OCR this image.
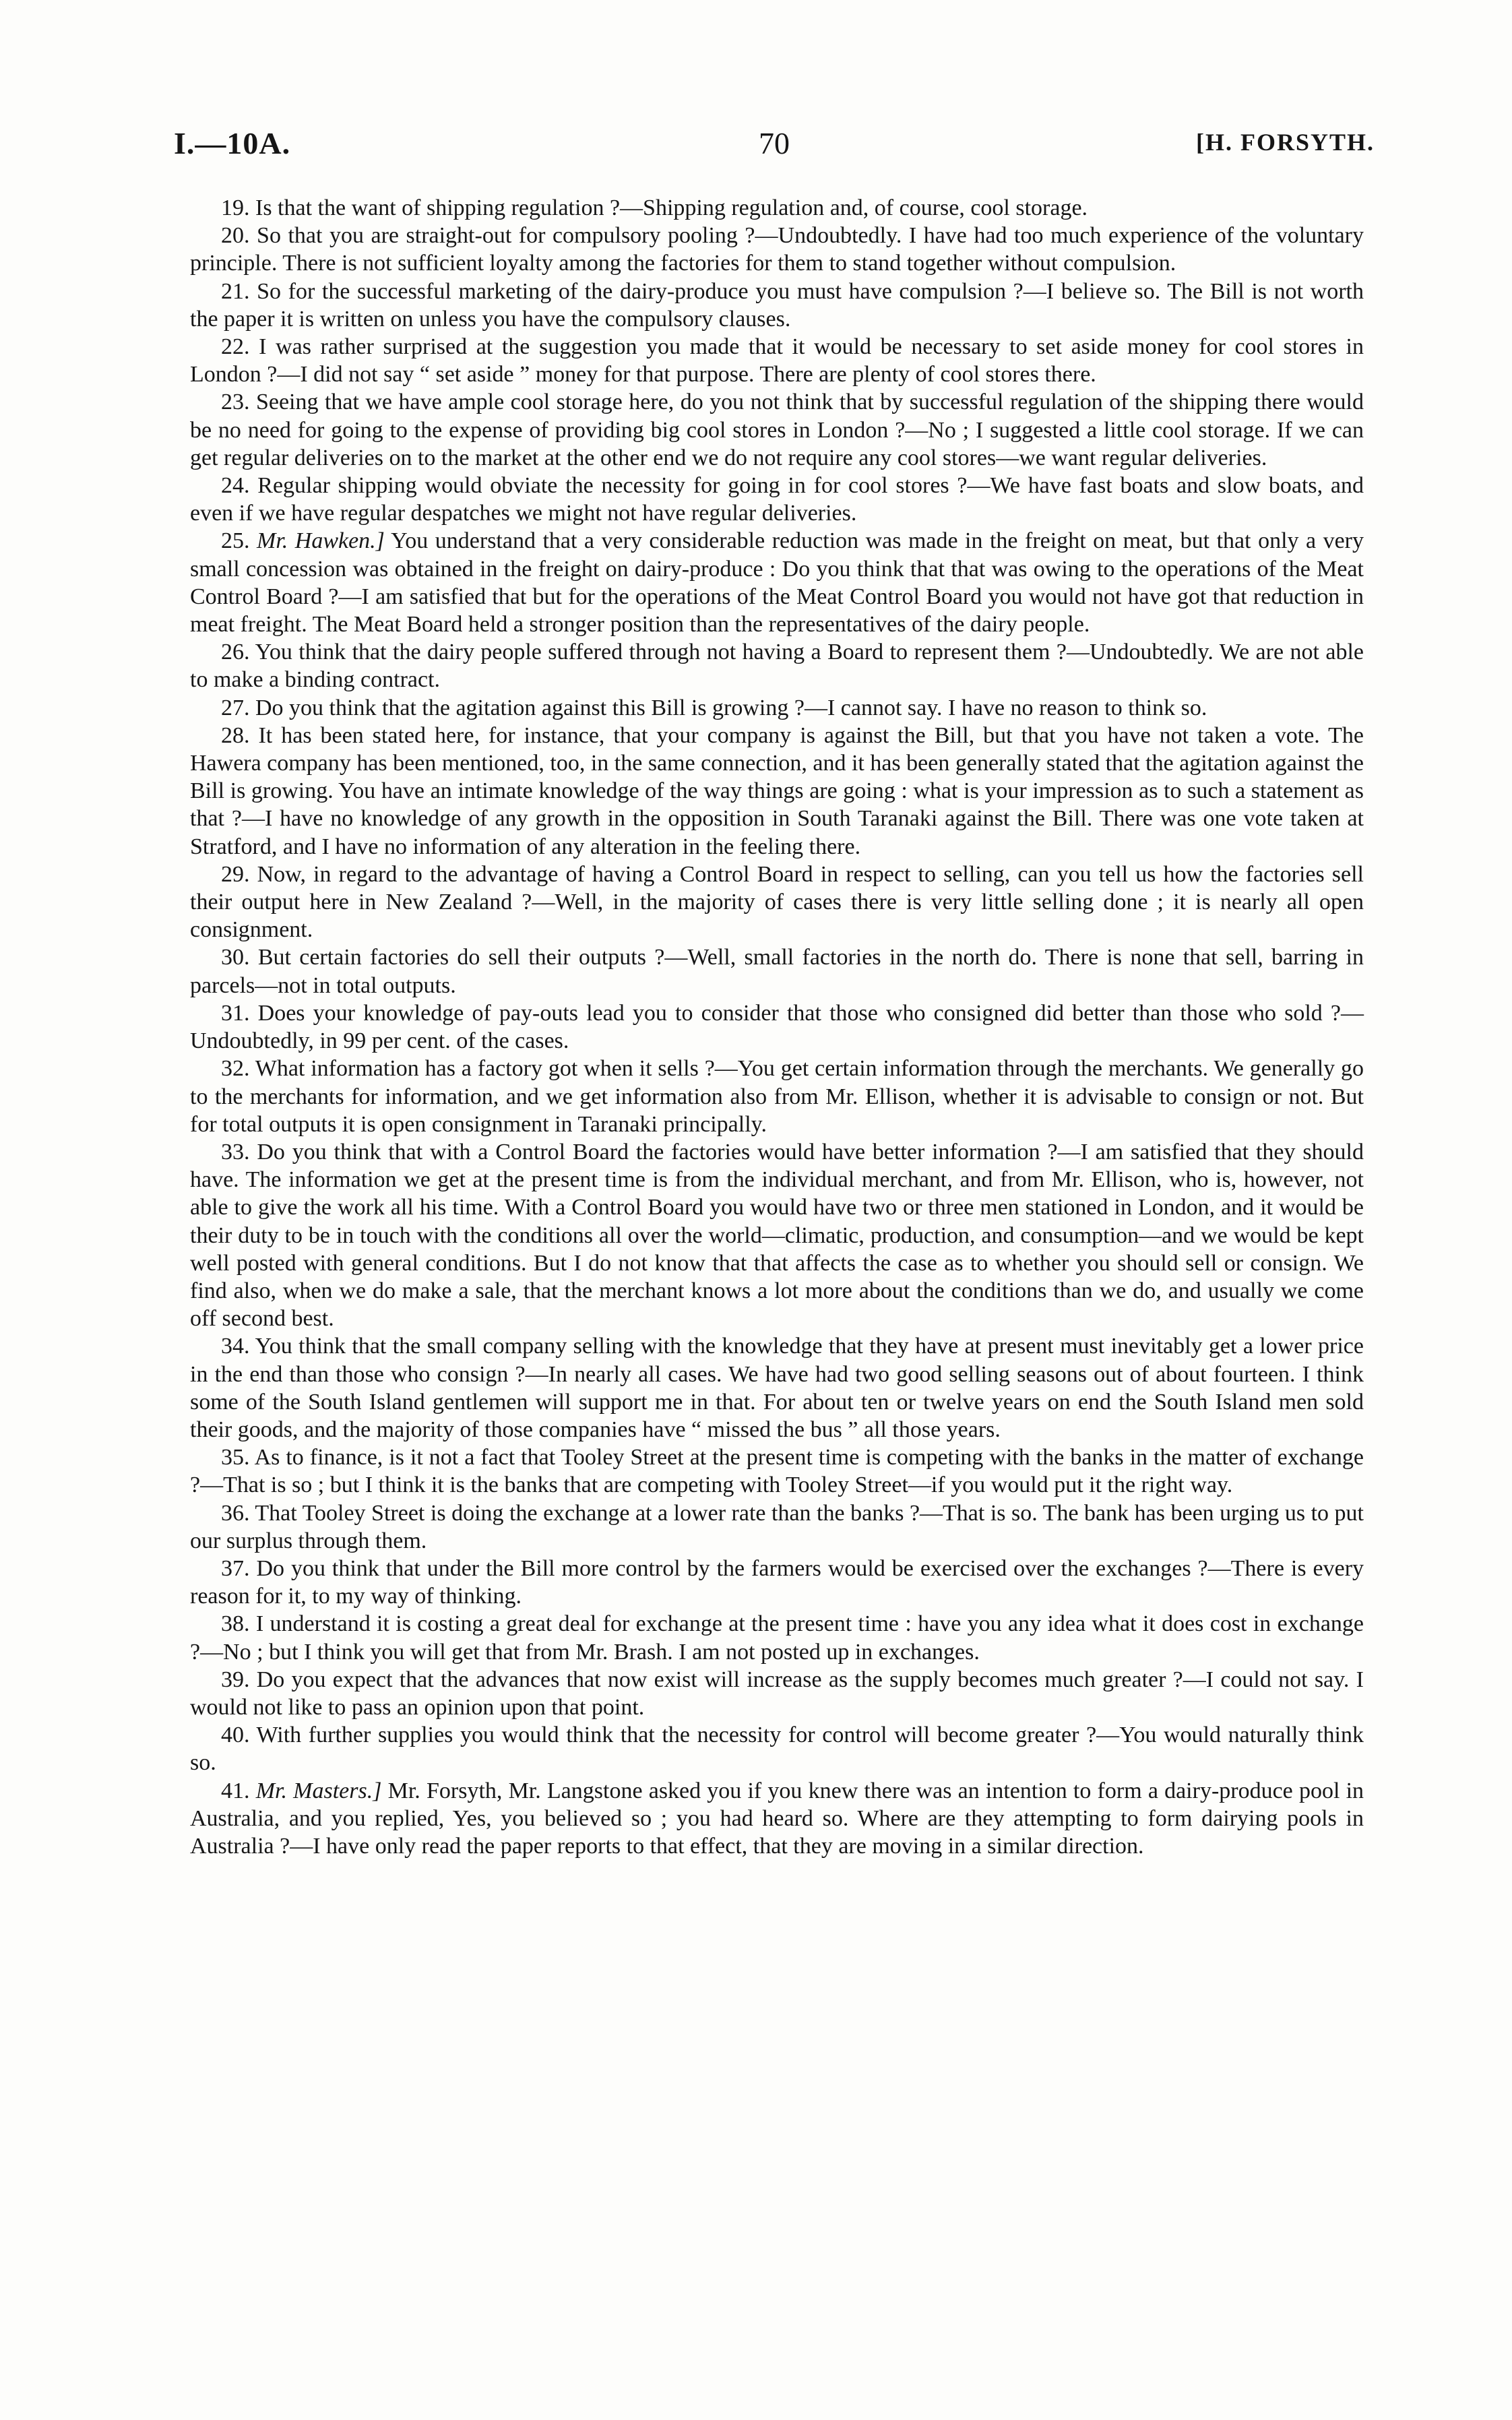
I.—10A.	70	[H. FORSYTH.

19. Is that the want of shipping regulation ?—Shipping regulation and, of course, cool storage.

20. So that you are straight-out for compulsory pooling ?—Undoubtedly. I have had too much experience of the voluntary principle. There is not sufficient loyalty among the factories for them to stand together without compulsion.

21. So for the successful marketing of the dairy-produce you must have compulsion ?—I believe so. The Bill is not worth the paper it is written on unless you have the compulsory clauses.

22. I was rather surprised at the suggestion you made that it would be necessary to set aside money for cool stores in London ?—I did not say “ set aside ” money for that purpose. There are plenty of cool stores there.

23. Seeing that we have ample cool storage here, do you not think that by successful regulation of the shipping there would be no need for going to the expense of providing big cool stores in London ?—No ; I suggested a little cool storage. If we can get regular deliveries on to the market at the other end we do not require any cool stores—we want regular deliveries.

24. Regular shipping would obviate the necessity for going in for cool stores ?—We have fast boats and slow boats, and even if we have regular despatches we might not have regular deliveries.

25. Mr. Hawken.] You understand that a very considerable reduction was made in the freight on meat, but that only a very small concession was obtained in the freight on dairy-produce : Do you think that that was owing to the operations of the Meat Control Board ?—I am satisfied that but for the operations of the Meat Control Board you would not have got that reduction in meat freight. The Meat Board held a stronger position than the representatives of the dairy people.

26. You think that the dairy people suffered through not having a Board to represent them ?—Undoubtedly. We are not able to make a binding contract.

27. Do you think that the agitation against this Bill is growing ?—I cannot say. I have no reason to think so.

28. It has been stated here, for instance, that your company is against the Bill, but that you have not taken a vote. The Hawera company has been mentioned, too, in the same connection, and it has been generally stated that the agitation against the Bill is growing. You have an intimate knowledge of the way things are going : what is your impression as to such a statement as that ?—I have no knowledge of any growth in the opposition in South Taranaki against the Bill. There was one vote taken at Stratford, and I have no information of any alteration in the feeling there.

29. Now, in regard to the advantage of having a Control Board in respect to selling, can you tell us how the factories sell their output here in New Zealand ?—Well, in the majority of cases there is very little selling done ; it is nearly all open consignment.

30. But certain factories do sell their outputs ?—Well, small factories in the north do. There is none that sell, barring in parcels—not in total outputs.

31. Does your knowledge of pay-outs lead you to consider that those who consigned did better than those who sold ?—Undoubtedly, in 99 per cent. of the cases.

32. What information has a factory got when it sells ?—You get certain information through the merchants. We generally go to the merchants for information, and we get information also from Mr. Ellison, whether it is advisable to consign or not. But for total outputs it is open consignment in Taranaki principally.

33. Do you think that with a Control Board the factories would have better information ?—I am satisfied that they should have. The information we get at the present time is from the individual merchant, and from Mr. Ellison, who is, however, not able to give the work all his time. With a Control Board you would have two or three men stationed in London, and it would be their duty to be in touch with the conditions all over the world—climatic, production, and consumption—and we would be kept well posted with general conditions. But I do not know that that affects the case as to whether you should sell or consign. We find also, when we do make a sale, that the merchant knows a lot more about the conditions than we do, and usually we come off second best.

34. You think that the small company selling with the knowledge that they have at present must inevitably get a lower price in the end than those who consign ?—In nearly all cases. We have had two good selling seasons out of about fourteen. I think some of the South Island gentlemen will support me in that. For about ten or twelve years on end the South Island men sold their goods, and the majority of those companies have “ missed the bus ” all those years.

35. As to finance, is it not a fact that Tooley Street at the present time is competing with the banks in the matter of exchange ?—That is so ; but I think it is the banks that are competing with Tooley Street—if you would put it the right way.

36. That Tooley Street is doing the exchange at a lower rate than the banks ?—That is so. The bank has been urging us to put our surplus through them.

37. Do you think that under the Bill more control by the farmers would be exercised over the exchanges ?—There is every reason for it, to my way of thinking.

38. I understand it is costing a great deal for exchange at the present time : have you any idea what it does cost in exchange ?—No ; but I think you will get that from Mr. Brash. I am not posted up in exchanges.

39. Do you expect that the advances that now exist will increase as the supply becomes much greater ?—I could not say. I would not like to pass an opinion upon that point.

40. With further supplies you would think that the necessity for control will become greater ?—You would naturally think so.

41. Mr. Masters.] Mr. Forsyth, Mr. Langstone asked you if you knew there was an intention to form a dairy-produce pool in Australia, and you replied, Yes, you believed so ; you had heard so. Where are they attempting to form dairying pools in Australia ?—I have only read the paper reports to that effect, that they are moving in a similar direction.
